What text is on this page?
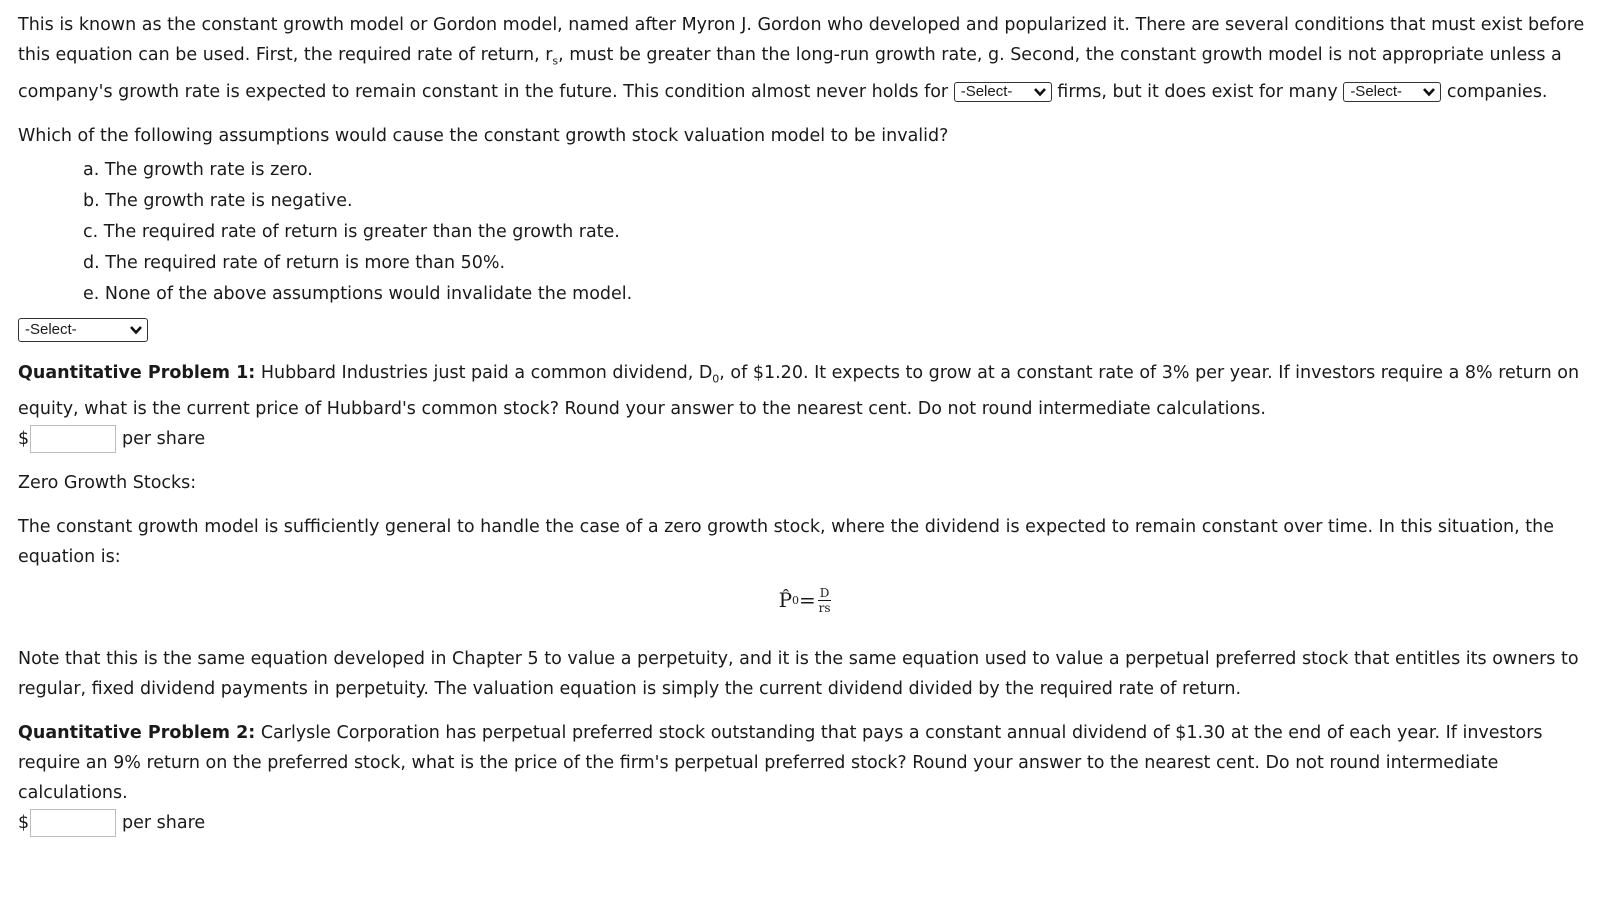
This is known as the constant growth model or Gordon model, named after Myron J. Gordon who developed and popularized it. There are several conditions that must exist before this equation can be used. First, the required rate of return, $r_s$, must be greater than the long-run growth rate, g. Second, the constant growth model is not appropriate unless a company's growth rate is expected to remain constant in the future. This condition almost never holds for -Select-	firms, but it does exist for many -Select-	companies.

Which of the following assumptions would cause the constant growth stock valuation model to be invalid?

a. The growth rate is zero.
b. The growth rate is negative.
c. The required rate of return is greater than the growth rate.
d. The required rate of return is more than 50%.
e. None of the above assumptions would invalidate the model.
-Select-

Quantitative Problem 1: Hubbard Industries just paid a common dividend, $D_0$, of $1.20. It expects to grow at a constant rate of 3% per year. If investors require a 8% return on equity, what is the current price of Hubbard's common stock? Round your answer to the nearest cent. Do not round intermediate calculations.

$	per share

Zero Growth Stocks:

The constant growth model is sufficiently general to handle the case of a zero growth stock, where the dividend is expected to remain constant over time. In this situation, the equation is:

P̂ $0 = \frac{D}{rs}$

Note that this is the same equation developed in Chapter 5 to value a perpetuity, and it is the same equation used to value a perpetual preferred stock that entitles its owners to regular, fixed dividend payments in perpetuity. The valuation equation is simply the current dividend divided by the required rate of return.

Quantitative Problem 2: Carlysle Corporation has perpetual preferred stock outstanding that pays a constant annual dividend of $1.30 at the end of each year. If investors require an 9% return on the preferred stock, what is the price of the firm's perpetual preferred stock? Round your answer to the nearest cent. Do not round intermediate calculations.

$	per share
